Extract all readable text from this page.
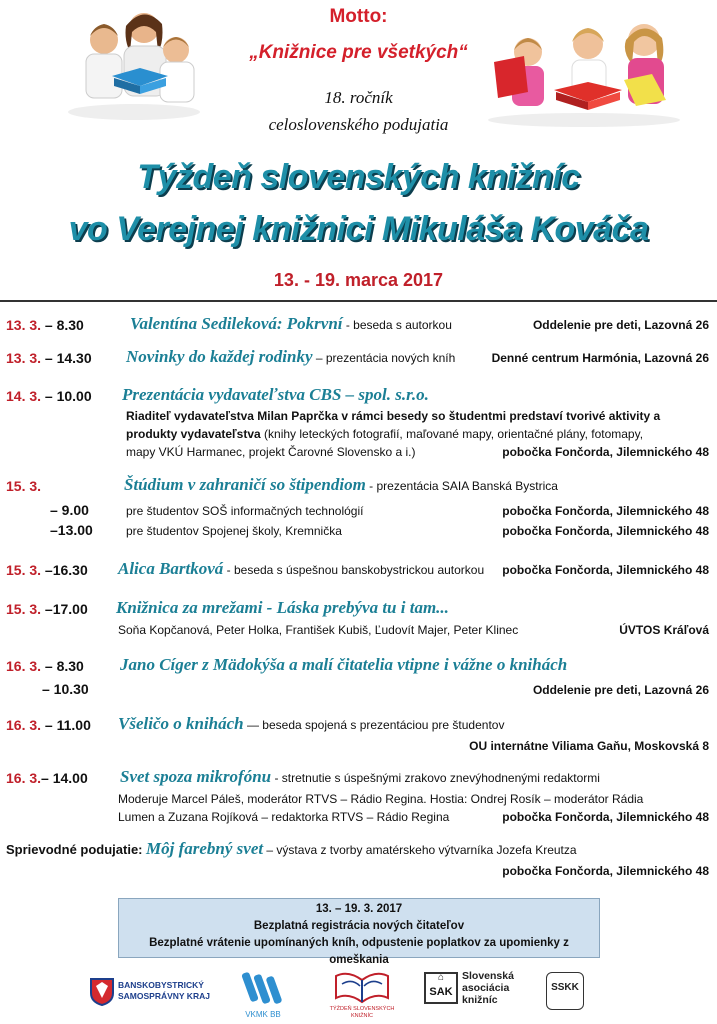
Motto:
„Knižnice pre všetkých“
18. ročník
celoslovenského podujatia
Týždeň slovenských knižníc
vo Verejnej knižnici Mikuláša Kováča
13. - 19. marca 2017
13. 3. – 8.30	Valentína Sedileková: Pokrvní - beseda s autorkou	Oddelenie pre deti, Lazovná 26
13. 3. – 14.30 Novinky do každej rodinky – prezentácia nových kníh	Denné centrum Harmónia, Lazovná 26
14. 3. – 10.00 Prezentácia vydavateľstva CBS – spol. s.r.o.
Riaditeľ vydavateľstva Milan Paprčka v rámci besedy so študentmi predstaví tvorivé aktivity a
produkty vydavateľstva (knihy leteckých fotografií, maľované mapy, orientačné plány, fotomapy,
mapy VKÚ Harmanec, projekt Čarovné Slovensko a i.)	pobočka Fončorda, Jilemnického 48
15. 3.	Štúdium v zahraničí so štipendiom - prezentácia SAIA Banská Bystrica
– 9.00	pre študentov SOŠ informačných technológií	pobočka Fončorda, Jilemnického 48
–13.00	pre študentov Spojenej školy, Kremnička	pobočka Fončorda, Jilemnického 48
15. 3. –16.30 Alica Bartková - beseda s úspešnou banskobystrickou autorkou pobočka Fončorda, Jilemnického 48
15. 3. –17.00 Knižnica za mrežami - Láska prebýva tu i tam...
Soňa Kopčanová, Peter Holka, František Kubiš, Ľudovít Majer, Peter Klinec	ÚVTOS Kráľová
16. 3. – 8.30 Jano Cíger z Mädokýša a malí čitatelia vtipne i vážne o knihách
– 10.30	Oddelenie pre deti, Lazovná 26
16. 3. – 11.00 Všeličo o knihách — beseda spojená s prezentáciou pre študentov
OU internátne Viliama Gaňu, Moskovská 8
16. 3.– 14.00 Svet spoza mikrofónu - stretnutie s úspešnými zrakovo znevýhodnenými redaktormi
Moderuje Marcel Páleš, moderátor RTVS – Rádio Regina. Hostia: Ondrej Rosík – moderátor Rádia
Lumen a Zuzana Rojíková – redaktorka RTVS – Rádio Regina	pobočka Fončorda, Jilemnického 48
Sprievodné podujatie: Môj farebný svet – výstava z tvorby amatérskeho výtvarníka Jozefa Kreutza
pobočka Fončorda, Jilemnického 48
13. – 19. 3. 2017
Bezplatná registrácia nových čitateľov
Bezplatné vrátenie upomínaných kníh, odpustenie poplatkov za upomienky z omeškania
BANSKOBYSTRICKÝ
SAMOSPRÁVNY KRAJ
VKMK BB
TÝŽDEŇ SLOVENSKÝCH KNIŽNÍC
⌂
SAK
Slovenská
asociácia
knižníc
SSKK
